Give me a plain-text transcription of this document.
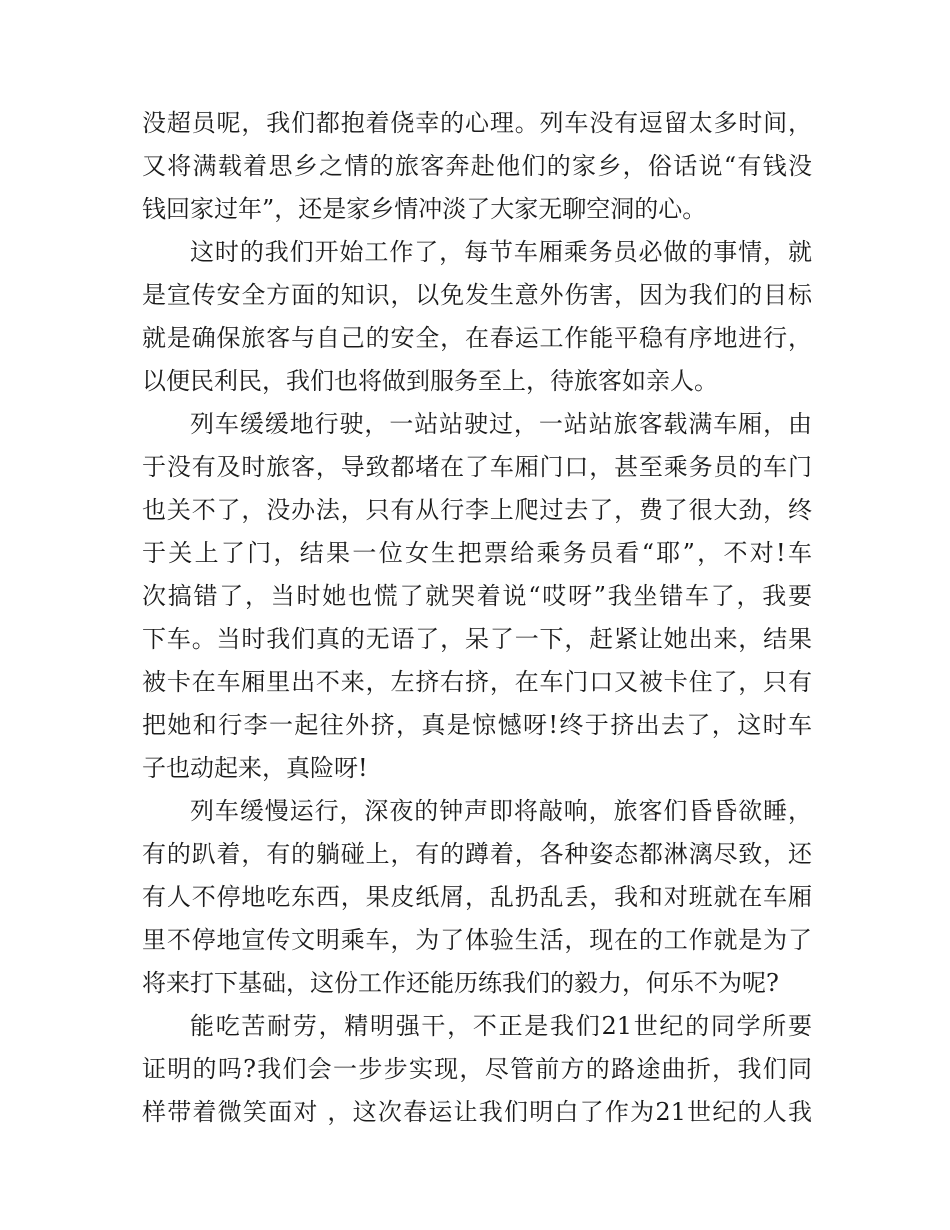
没超员呢，我们都抱着侥幸的心理。列车没有逗留太多时间，
又将满载着思乡之情的旅客奔赴他们的家乡，俗话说“有钱没
钱回家过年”，还是家乡情冲淡了大家无聊空洞的心。
这时的我们开始工作了，每节车厢乘务员必做的事情，就
是宣传安全方面的知识，以免发生意外伤害，因为我们的目标
就是确保旅客与自己的安全，在春运工作能平稳有序地进行，
以便民利民，我们也将做到服务至上，待旅客如亲人。
列车缓缓地行驶，一站站驶过，一站站旅客载满车厢，由
于没有及时旅客，导致都堵在了车厢门口，甚至乘务员的车门
也关不了，没办法，只有从行李上爬过去了，费了很大劲，终
于关上了门，结果一位女生把票给乘务员看“耶”，不对!车
次搞错了，当时她也慌了就哭着说“哎呀”我坐错车了，我要
下车。当时我们真的无语了，呆了一下，赶紧让她出来，结果
被卡在车厢里出不来，左挤右挤，在车门口又被卡住了，只有
把她和行李一起往外挤，真是惊憾呀!终于挤出去了，这时车
子也动起来，真险呀!
列车缓慢运行，深夜的钟声即将敲响，旅客们昏昏欲睡，
有的趴着，有的躺碰上，有的蹲着，各种姿态都淋漓尽致，还
有人不停地吃东西，果皮纸屑，乱扔乱丢，我和对班就在车厢
里不停地宣传文明乘车，为了体验生活，现在的工作就是为了
将来打下基础，这份工作还能历练我们的毅力，何乐不为呢?
能吃苦耐劳，精明强干，不正是我们21世纪的同学所要
证明的吗?我们会一步步实现，尽管前方的路途曲折，我们同
样带着微笑面对 ，这次春运让我们明白了作为21世纪的人我
